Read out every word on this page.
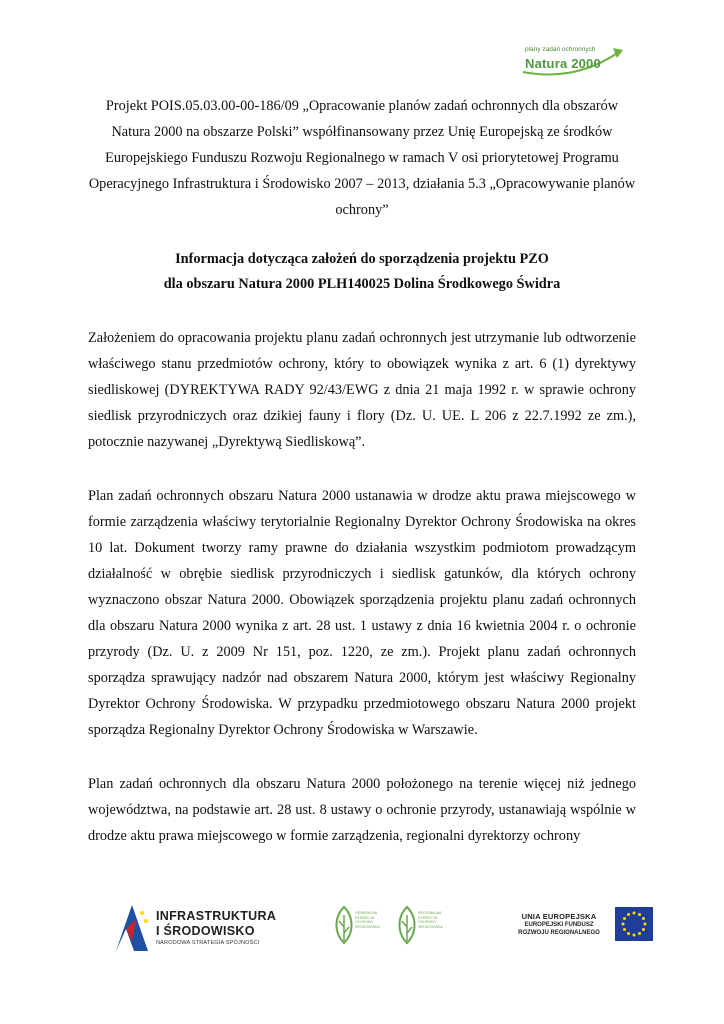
plany zadań ochronnych
Natura 2000

Projekt POIS.05.03.00-00-186/09 „Opracowanie planów zadań ochronnych dla obszarów Natura 2000 na obszarze Polski” współfinansowany przez Unię Europejską ze środków Europejskiego Funduszu Rozwoju Regionalnego w ramach V osi priorytetowej Programu Operacyjnego Infrastruktura i Środowisko 2007 – 2013, działania 5.3 „Opracowywanie planów ochrony”

Informacja dotycząca założeń do sporządzenia projektu PZO
dla obszaru Natura 2000 PLH140025 Dolina Środkowego Świdra

Założeniem do opracowania projektu planu zadań ochronnych jest utrzymanie lub odtworzenie właściwego stanu przedmiotów ochrony, który to obowiązek wynika z art. 6 (1) dyrektywy siedliskowej (DYREKTYWA RADY 92/43/EWG z dnia 21 maja 1992 r. w sprawie ochrony siedlisk przyrodniczych oraz dzikiej fauny i flory (Dz. U. UE. L 206 z 22.7.1992 ze zm.), potocznie nazywanej „Dyrektywą Siedliskową”.

Plan zadań ochronnych obszaru Natura 2000 ustanawia w drodze aktu prawa miejscowego w formie zarządzenia właściwy terytorialnie Regionalny Dyrektor Ochrony Środowiska na okres 10 lat. Dokument tworzy ramy prawne do działania wszystkim podmiotom prowadzącym działalność w obrębie siedlisk przyrodniczych i siedlisk gatunków, dla których ochrony wyznaczono obszar Natura 2000. Obowiązek sporządzenia projektu planu zadań ochronnych dla obszaru Natura 2000 wynika z art. 28 ust. 1 ustawy z dnia 16 kwietnia 2004 r. o ochronie przyrody (Dz. U. z 2009 Nr 151, poz. 1220, ze zm.). Projekt planu zadań ochronnych sporządza sprawujący nadzór nad obszarem Natura 2000, którym jest właściwy Regionalny Dyrektor Ochrony Środowiska. W przypadku przedmiotowego obszaru Natura 2000 projekt sporządza Regionalny Dyrektor Ochrony Środowiska w Warszawie.

Plan zadań ochronnych dla obszaru Natura 2000 położonego na terenie więcej niż jednego województwa, na podstawie art. 28 ust. 8 ustawy o ochronie przyrody, ustanawiają wspólnie w drodze aktu prawa miejscowego w formie zarządzenia, regionalni dyrektorzy ochrony

INFRASTRUKTURA
I ŚRODOWISKO
NARODOWA STRATEGIA SPÓJNOŚCI
GENERALNA DYREKCJA OCHRONY ŚRODOWISKA
REGIONALNA DYREKCJA OCHRONY ŚRODOWISKA
UNIA EUROPEJSKA
EUROPEJSKI FUNDUSZ
ROZWOJU REGIONALNEGO
